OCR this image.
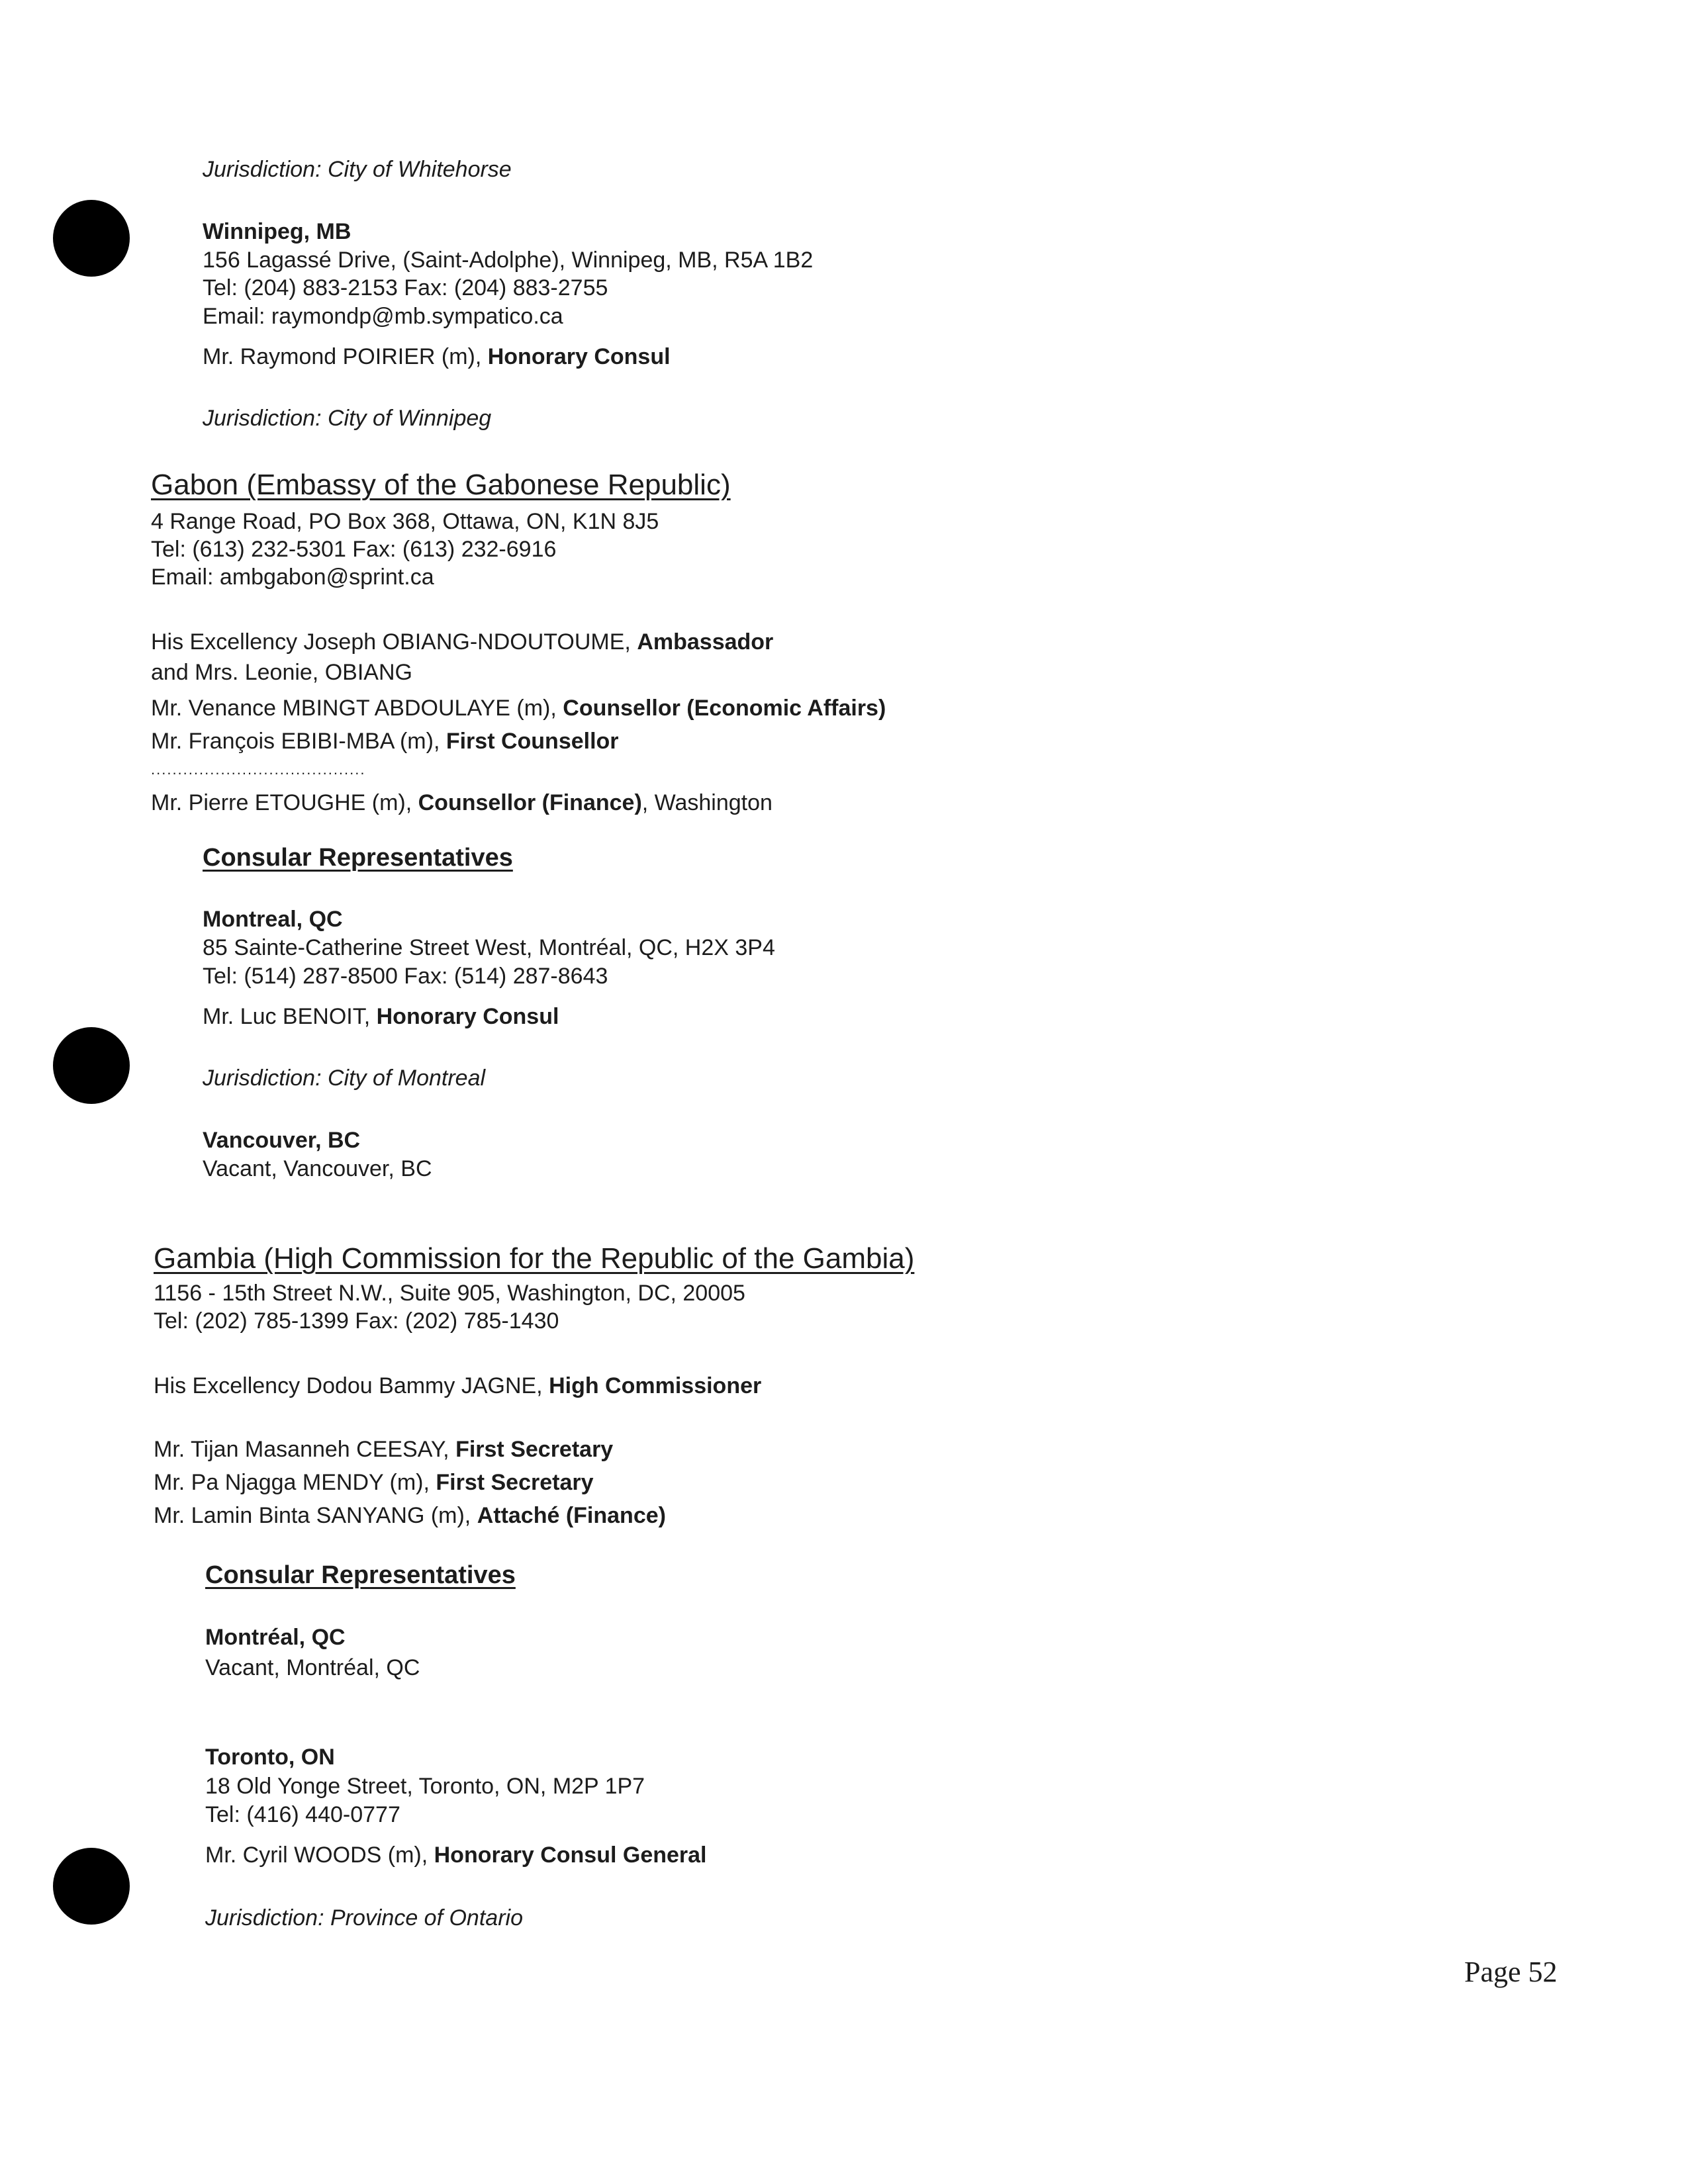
Jurisdiction: City of Whitehorse
Winnipeg, MB
156 Lagassé Drive, (Saint-Adolphe), Winnipeg, MB, R5A 1B2
Tel: (204) 883-2153 Fax: (204) 883-2755
Email: raymondp@mb.sympatico.ca
Mr. Raymond POIRIER (m), Honorary Consul
Jurisdiction: City of Winnipeg
Gabon (Embassy of the Gabonese Republic)
4 Range Road, PO Box 368, Ottawa, ON, K1N 8J5
Tel: (613) 232-5301 Fax: (613) 232-6916
Email: ambgabon@sprint.ca
His Excellency Joseph OBIANG-NDOUTOUME, Ambassador
and Mrs. Leonie, OBIANG
Mr. Venance MBINGT ABDOULAYE (m), Counsellor (Economic Affairs)
Mr. François EBIBI-MBA (m), First Counsellor
........................................
Mr. Pierre ETOUGHE (m), Counsellor (Finance), Washington
Consular Representatives
Montreal, QC
85 Sainte-Catherine Street West, Montréal, QC, H2X 3P4
Tel: (514) 287-8500 Fax: (514) 287-8643
Mr. Luc BENOIT, Honorary Consul
Jurisdiction: City of Montreal
Vancouver, BC
Vacant, Vancouver, BC
Gambia (High Commission for the Republic of the Gambia)
1156 - 15th Street N.W., Suite 905, Washington, DC, 20005
Tel: (202) 785-1399 Fax: (202) 785-1430
His Excellency Dodou Bammy JAGNE, High Commissioner
Mr. Tijan Masanneh CEESAY, First Secretary
Mr. Pa Njagga MENDY (m), First Secretary
Mr. Lamin Binta SANYANG (m), Attaché (Finance)
Consular Representatives
Montréal, QC
Vacant, Montréal, QC
Toronto, ON
18 Old Yonge Street, Toronto, ON, M2P 1P7
Tel: (416) 440-0777
Mr. Cyril WOODS (m), Honorary Consul General
Jurisdiction: Province of Ontario
Page 52
